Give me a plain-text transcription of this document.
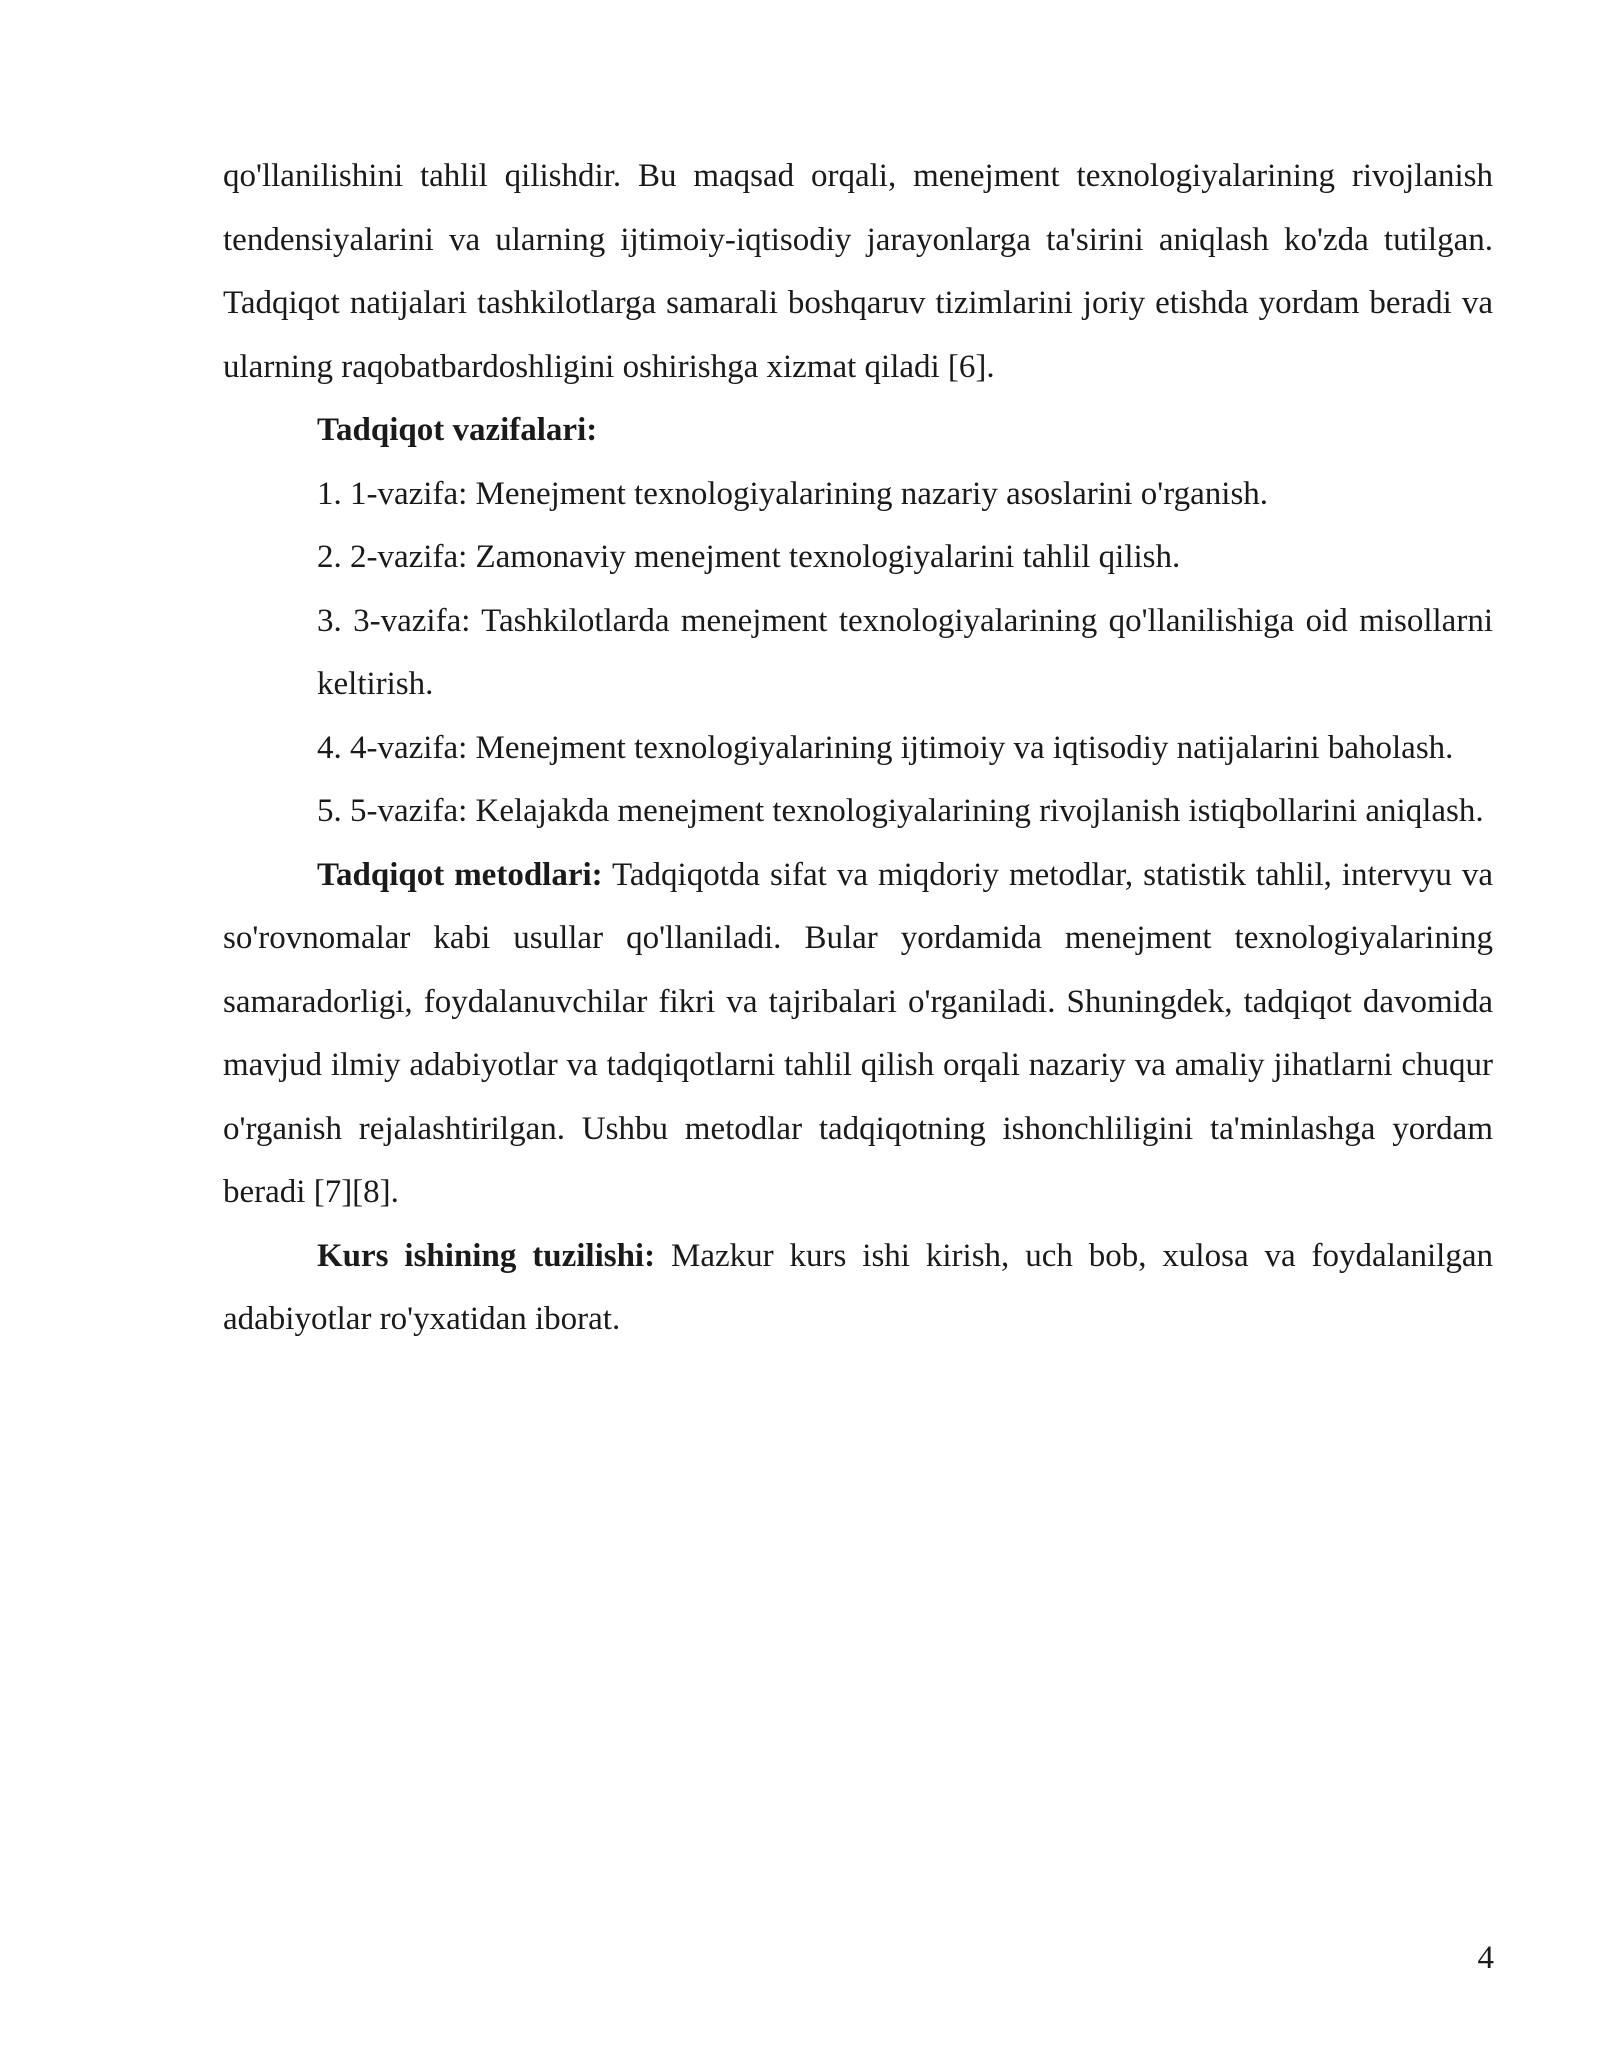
qo'llanilishini tahlil qilishdir. Bu maqsad orqali, menejment texnologiyalarining rivojlanish tendensiyalarini va ularning ijtimoiy-iqtisodiy jarayonlarga ta'sirini aniqlash ko'zda tutilgan. Tadqiqot natijalari tashkilotlarga samarali boshqaruv tizimlarini joriy etishda yordam beradi va ularning raqobatbardoshligini oshirishga xizmat qiladi [6].

Tadqiqot vazifalari:

1. 1-vazifa: Menejment texnologiyalarining nazariy asoslarini o'rganish.

2. 2-vazifa: Zamonaviy menejment texnologiyalarini tahlil qilish.

3. 3-vazifa: Tashkilotlarda menejment texnologiyalarining qo'llanilishiga oid misollarni keltirish.

4. 4-vazifa: Menejment texnologiyalarining ijtimoiy va iqtisodiy natijalarini baholash.

5. 5-vazifa: Kelajakda menejment texnologiyalarining rivojlanish istiqbollarini aniqlash.

Tadqiqot metodlari: Tadqiqotda sifat va miqdoriy metodlar, statistik tahlil, intervyu va so'rovnomalar kabi usullar qo'llaniladi. Bular yordamida menejment texnologiyalarining samaradorligi, foydalanuvchilar fikri va tajribalari o'rganiladi. Shuningdek, tadqiqot davomida mavjud ilmiy adabiyotlar va tadqiqotlarni tahlil qilish orqali nazariy va amaliy jihatlarni chuqur o'rganish rejalashtirilgan. Ushbu metodlar tadqiqotning ishonchliligini ta'minlashga yordam beradi [7][8].

Kurs ishining tuzilishi: Mazkur kurs ishi kirish, uch bob, xulosa va foydalanilgan adabiyotlar ro'yxatidan iborat.

4
